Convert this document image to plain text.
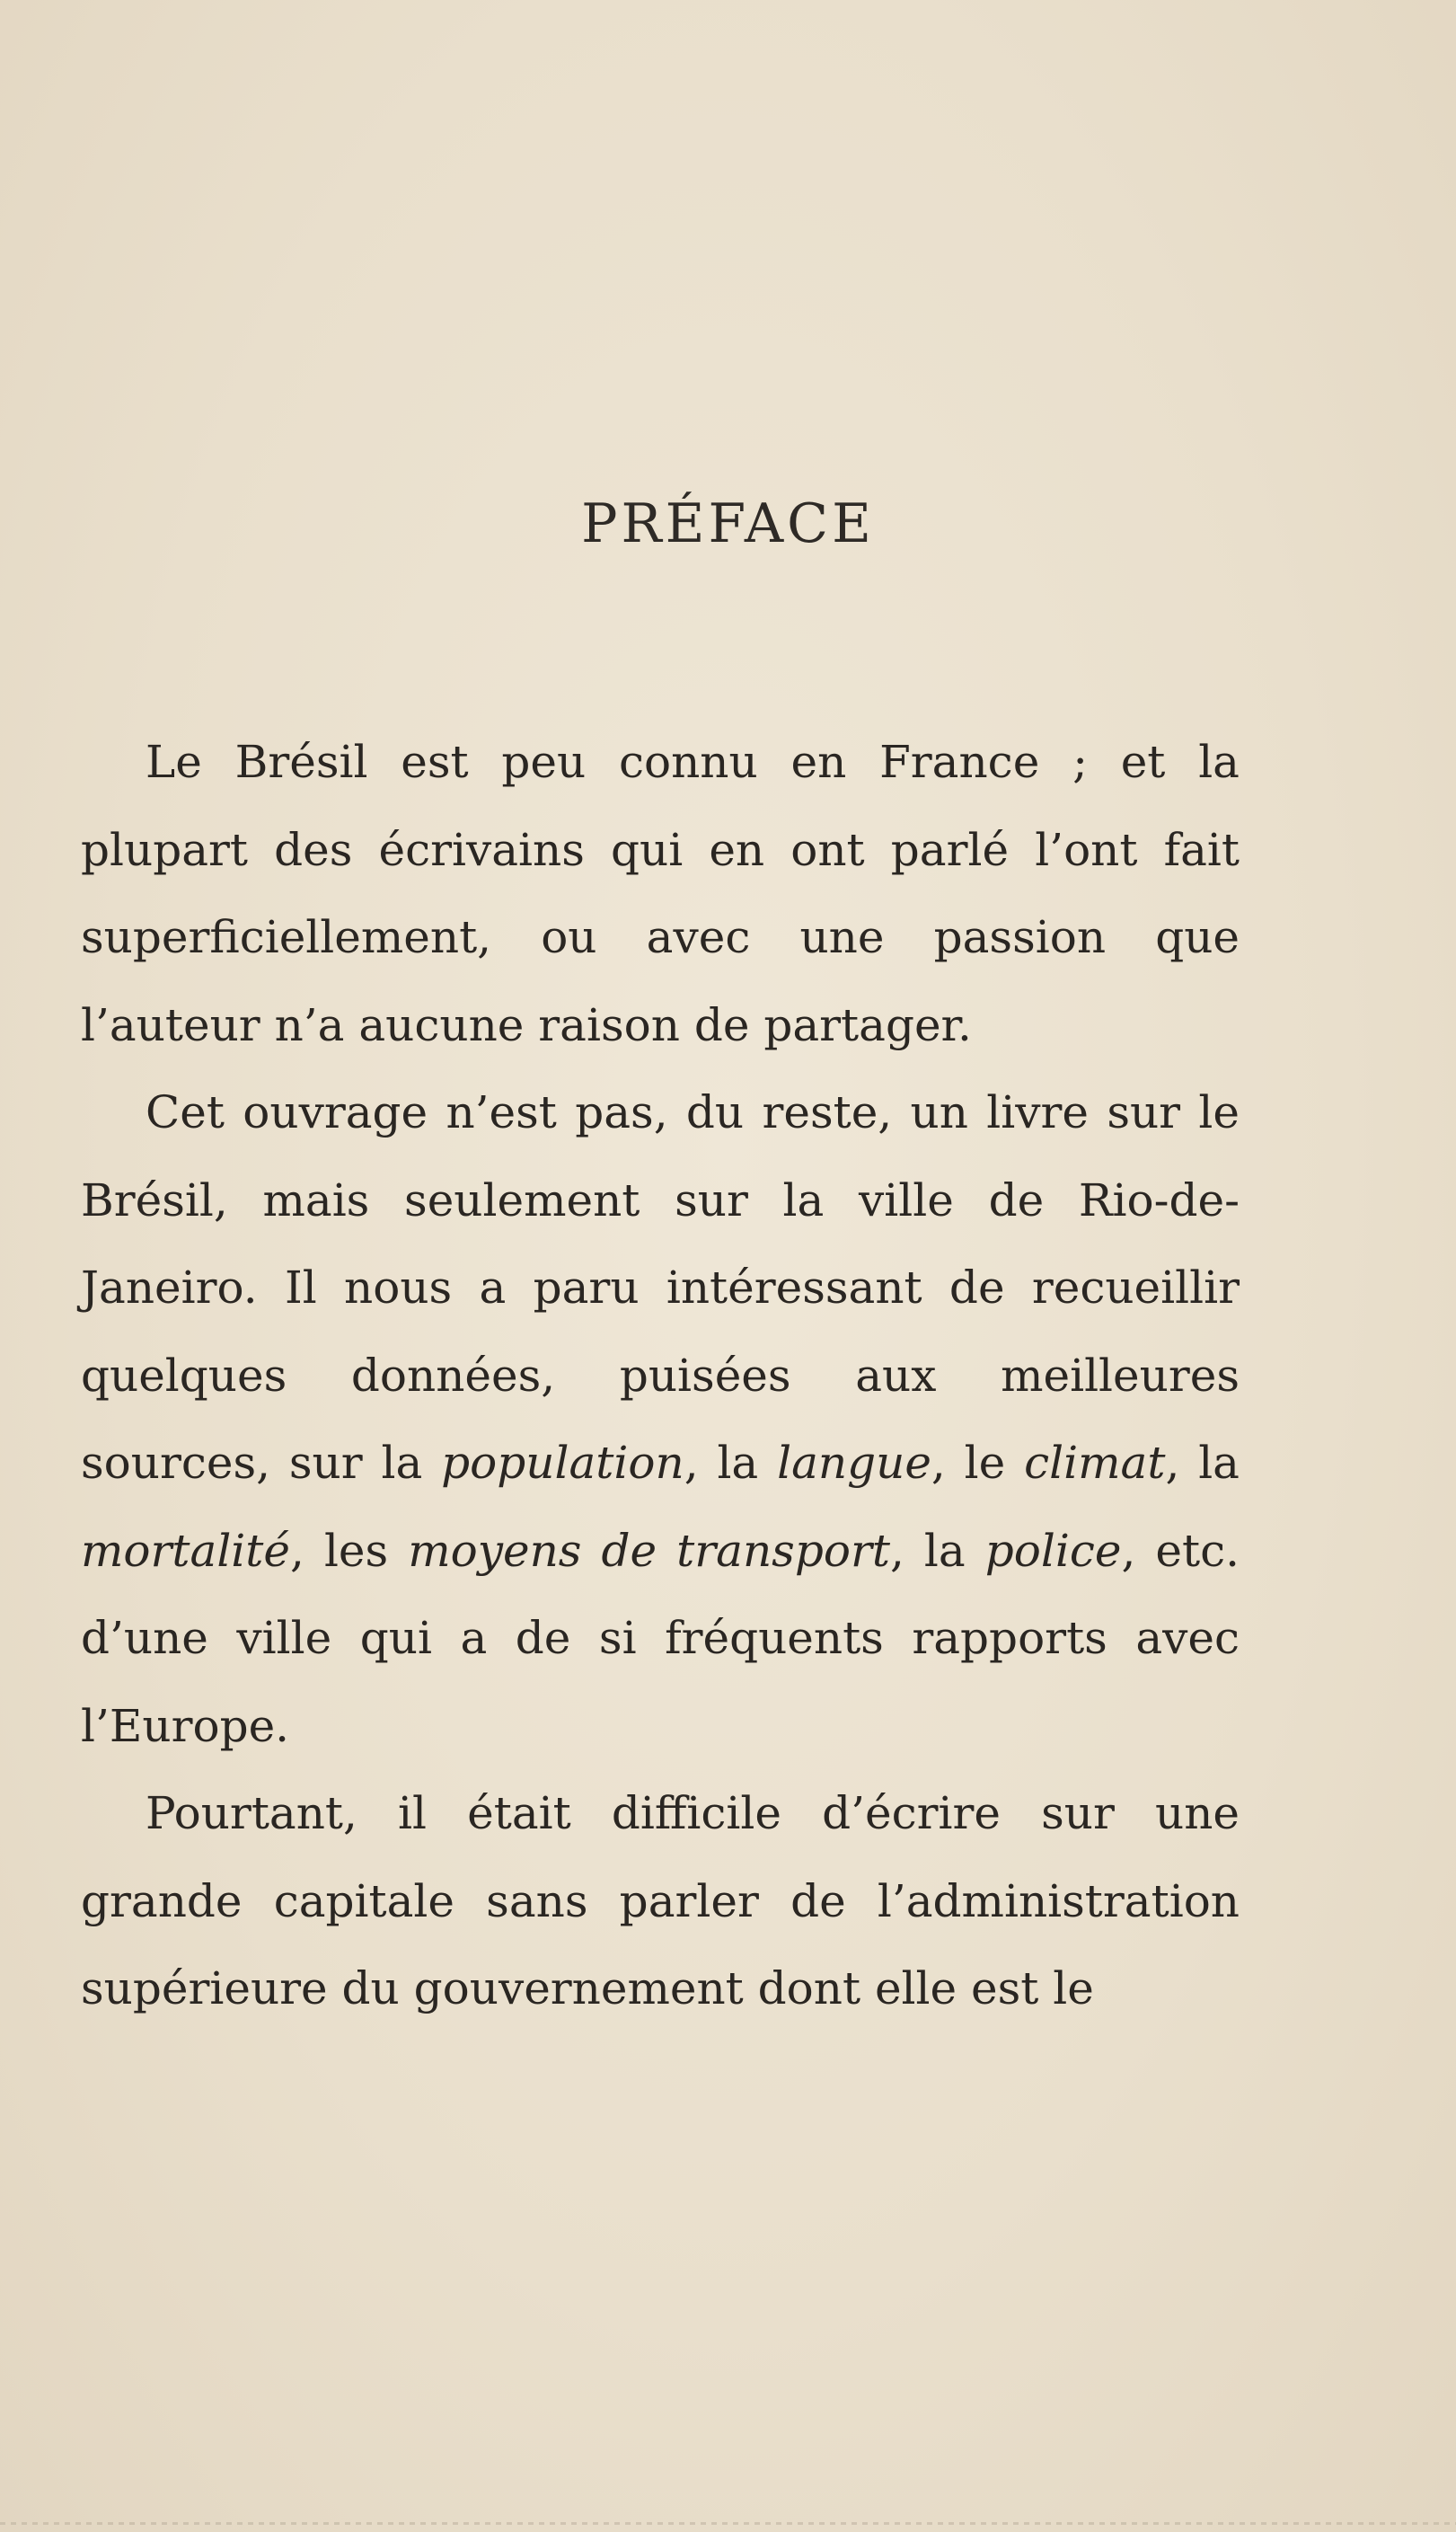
PRÉFACE

Le Brésil est peu connu en France ; et la plupart des écrivains qui en ont parlé l’ont fait superficiellement, ou avec une passion que l’auteur n’a aucune raison de partager.

Cet ouvrage n’est pas, du reste, un livre sur le Brésil, mais seulement sur la ville de Rio-de-Janeiro. Il nous a paru intéressant de recueillir quelques données, puisées aux meilleures sources, sur la population, la langue, le climat, la mortalité, les moyens de transport, la police, etc. d’une ville qui a de si fréquents rapports avec l’Europe.

Pourtant, il était difficile d’écrire sur une grande capitale sans parler de l’administration supérieure du gouvernement dont elle est le
